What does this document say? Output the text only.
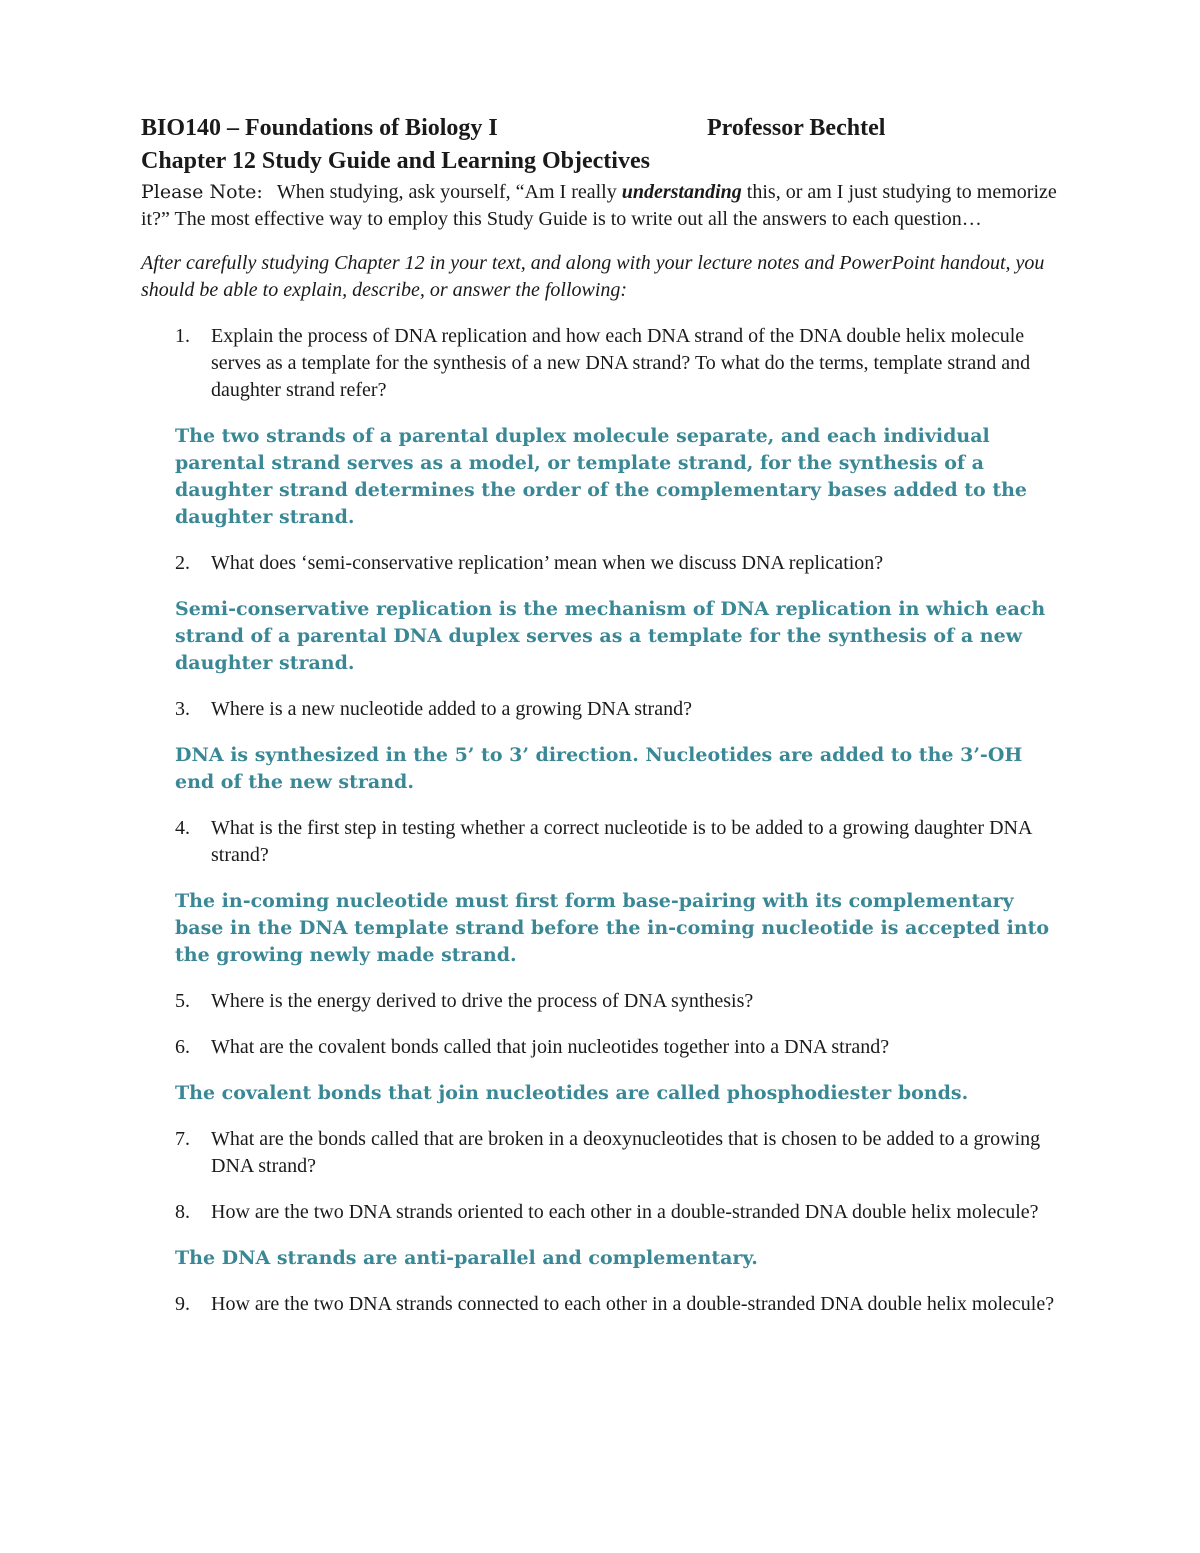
BIO140 – Foundations of Biology I	Professor Bechtel
Chapter 12 Study Guide and Learning Objectives
Please Note: When studying, ask yourself, “Am I really understanding this, or am I just studying to memorize it?” The most effective way to employ this Study Guide is to write out all the answers to each question…
After carefully studying Chapter 12 in your text, and along with your lecture notes and PowerPoint handout, you should be able to explain, describe, or answer the following:
1. Explain the process of DNA replication and how each DNA strand of the DNA double helix molecule serves as a template for the synthesis of a new DNA strand? To what do the terms, template strand and daughter strand refer?
The two strands of a parental duplex molecule separate, and each individual parental strand serves as a model, or template strand, for the synthesis of a daughter strand determines the order of the complementary bases added to the daughter strand.
2. What does ‘semi-conservative replication’ mean when we discuss DNA replication?
Semi-conservative replication is the mechanism of DNA replication in which each strand of a parental DNA duplex serves as a template for the synthesis of a new daughter strand.
3. Where is a new nucleotide added to a growing DNA strand?
DNA is synthesized in the 5’ to 3’ direction. Nucleotides are added to the 3’-OH end of the new strand.
4. What is the first step in testing whether a correct nucleotide is to be added to a growing daughter DNA strand?
The in-coming nucleotide must first form base-pairing with its complementary base in the DNA template strand before the in-coming nucleotide is accepted into the growing newly made strand.
5. Where is the energy derived to drive the process of DNA synthesis?
6. What are the covalent bonds called that join nucleotides together into a DNA strand?
The covalent bonds that join nucleotides are called phosphodiester bonds.
7. What are the bonds called that are broken in a deoxynucleotides that is chosen to be added to a growing DNA strand?
8. How are the two DNA strands oriented to each other in a double-stranded DNA double helix molecule?
The DNA strands are anti-parallel and complementary.
9. How are the two DNA strands connected to each other in a double-stranded DNA double helix molecule?
